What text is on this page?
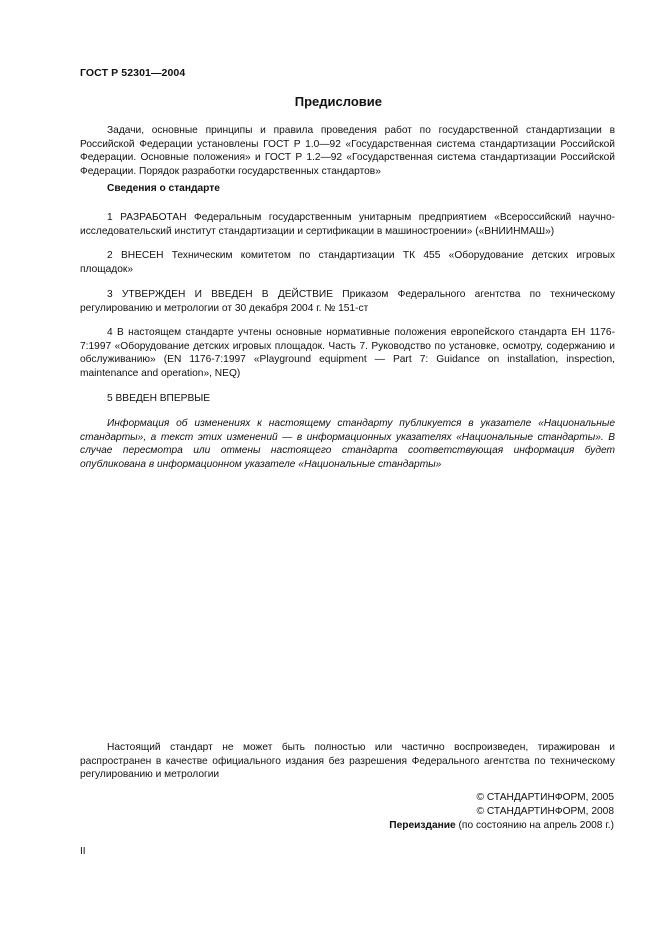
ГОСТ Р 52301—2004
Предисловие

Задачи, основные принципы и правила проведения работ по государственной стандартизации в Российской Федерации установлены ГОСТ Р 1.0—92 «Государственная система стандартизации Российской Федерации. Основные положения» и ГОСТ Р 1.2—92 «Государственная система стандартизации Российской Федерации. Порядок разработки государственных стандартов»

Сведения о стандарте

1 РАЗРАБОТАН Федеральным государственным унитарным предприятием «Всероссийский научно-исследовательский институт стандартизации и сертификации в машиностроении» («ВНИИНМАШ»)

2 ВНЕСЕН Техническим комитетом по стандартизации ТК 455 «Оборудование детских игровых площадок»

3 УТВЕРЖДЕН И ВВЕДЕН В ДЕЙСТВИЕ Приказом Федерального агентства по техническому регулированию и метрологии от 30 декабря 2004 г. № 151-ст

4 В настоящем стандарте учтены основные нормативные положения европейского стандарта ЕН 1176-7:1997 «Оборудование детских игровых площадок. Часть 7. Руководство по установке, осмотру, содержанию и обслуживанию» (EN 1176-7:1997 «Playground equipment — Part 7: Guidance on installation, inspection, maintenance and operation», NEQ)

5 ВВЕДЕН ВПЕРВЫЕ

Информация об изменениях к настоящему стандарту публикуется в указателе «Национальные стандарты», а текст этих изменений — в информационных указателях «Национальные стандарты». В случае пересмотра или отмены настоящего стандарта соответствующая информация будет опубликована в информационном указателе «Национальные стандарты»

Настоящий стандарт не может быть полностью или частично воспроизведен, тиражирован и распространен в качестве официального издания без разрешения Федерального агентства по техническому регулированию и метрологии

© СТАНДАРТИНФОРМ, 2005
© СТАНДАРТИНФОРМ, 2008
Переиздание (по состоянию на апрель 2008 г.)
II
